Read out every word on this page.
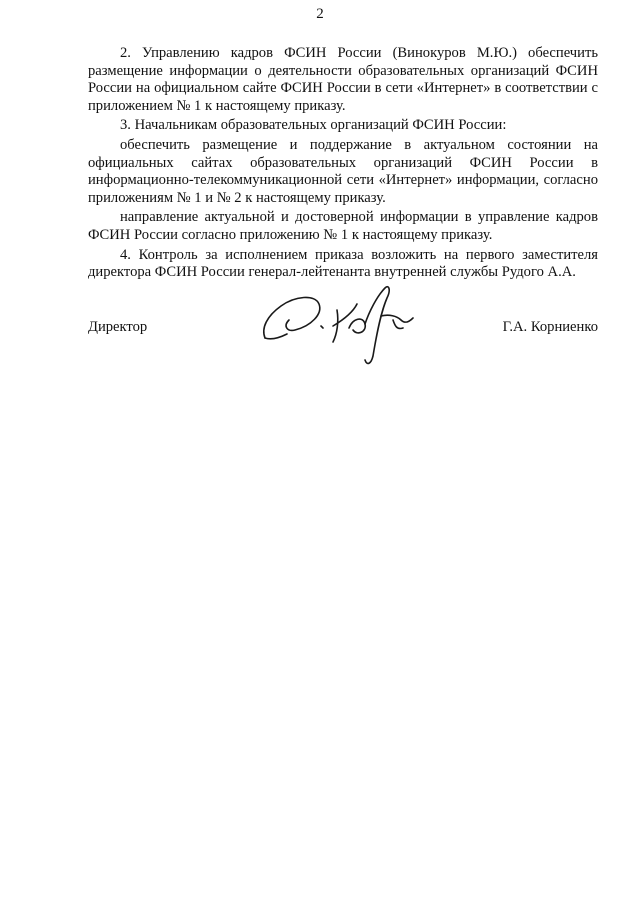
2

2. Управлению кадров ФСИН России (Винокуров М.Ю.) обеспечить размещение информации о деятельности образовательных организаций ФСИН России на официальном сайте ФСИН России в сети «Интернет» в соответствии с приложением № 1 к настоящему приказу.

3. Начальникам образовательных организаций ФСИН России:

обеспечить размещение и поддержание в актуальном состоянии на официальных сайтах образовательных организаций ФСИН России в информационно-телекоммуникационной сети «Интернет» информации, согласно приложениям № 1 и № 2 к настоящему приказу.

направление актуальной и достоверной информации в управление кадров ФСИН России согласно приложению № 1 к настоящему приказу.

4. Контроль за исполнением приказа возложить на первого заместителя директора ФСИН России генерал-лейтенанта внутренней службы Рудого А.А.

Директор	Г.А. Корниенко
